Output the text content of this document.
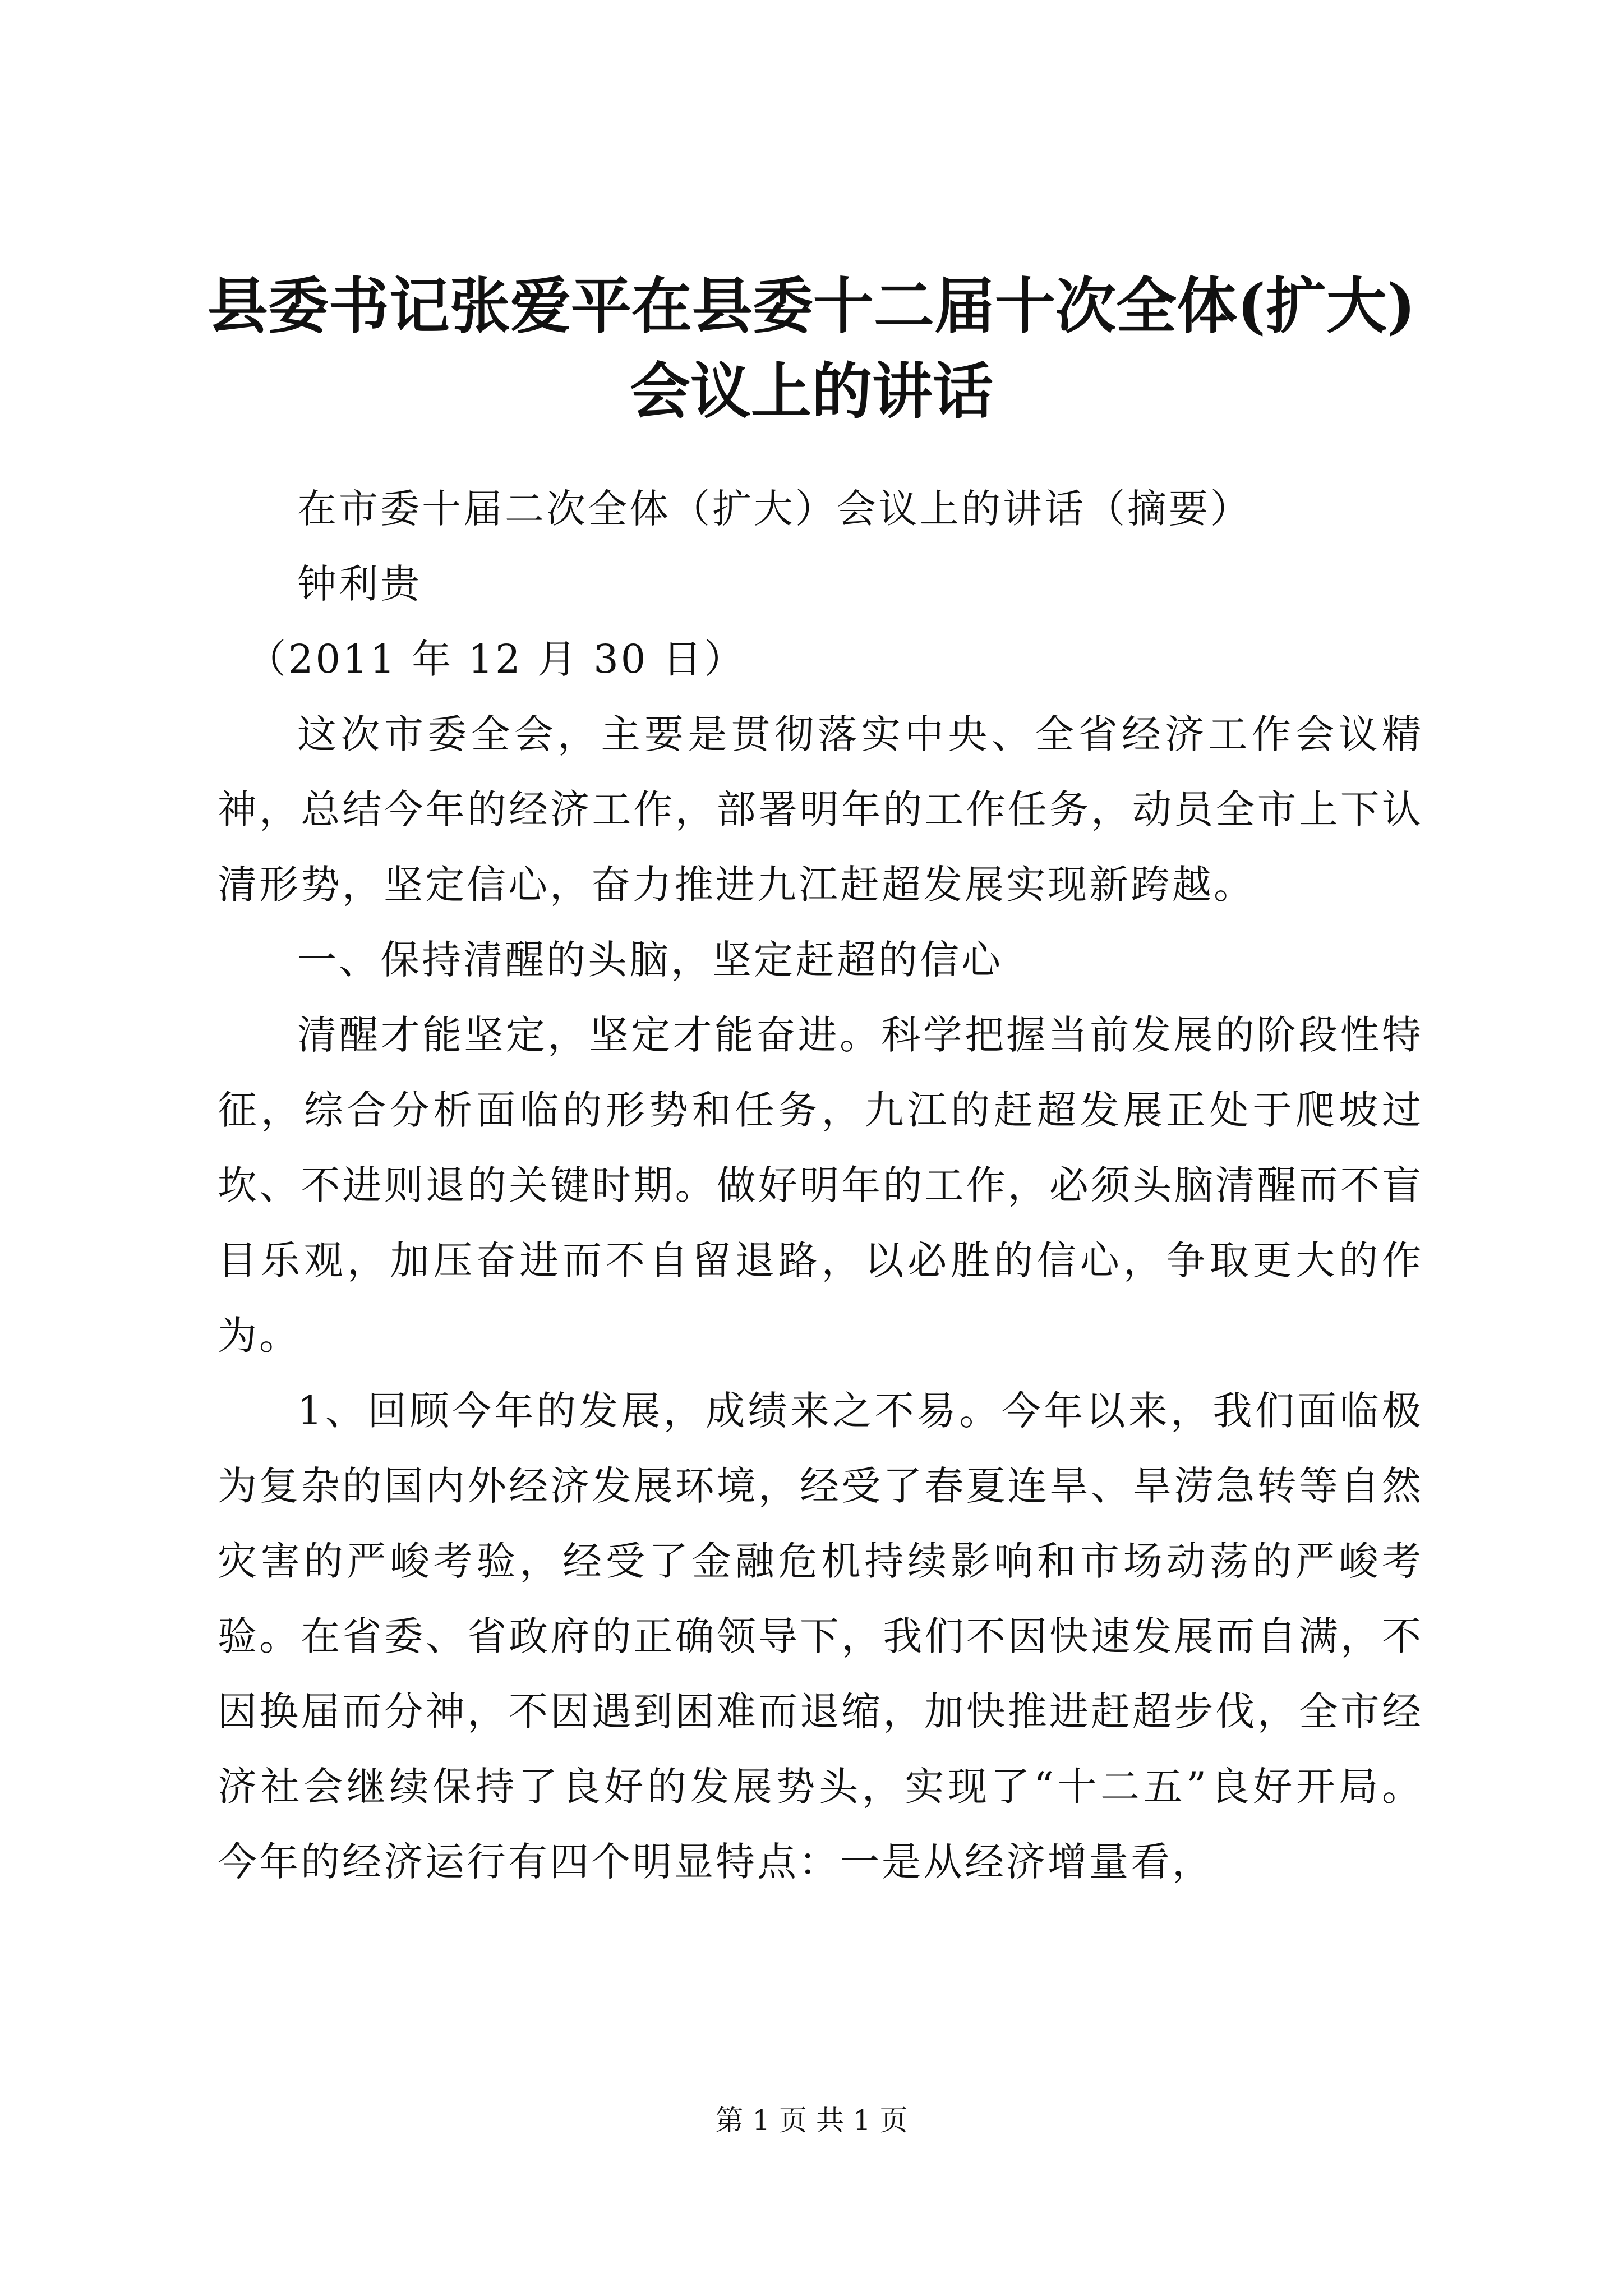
县委书记张爱平在县委十二届十次全体(扩大)
会议上的讲话

在市委十届二次全体（扩大）会议上的讲话（摘要）

钟利贵

（2011 年 12 月 30 日）

这次市委全会，主要是贯彻落实中央、全省经济工作会议精神，总结今年的经济工作，部署明年的工作任务，动员全市上下认清形势，坚定信心，奋力推进九江赶超发展实现新跨越。

一、保持清醒的头脑，坚定赶超的信心

清醒才能坚定，坚定才能奋进。科学把握当前发展的阶段性特征，综合分析面临的形势和任务，九江的赶超发展正处于爬坡过坎、不进则退的关键时期。做好明年的工作，必须头脑清醒而不盲目乐观，加压奋进而不自留退路，以必胜的信心，争取更大的作为。

1、回顾今年的发展，成绩来之不易。今年以来，我们面临极为复杂的国内外经济发展环境，经受了春夏连旱、旱涝急转等自然灾害的严峻考验，经受了金融危机持续影响和市场动荡的严峻考验。在省委、省政府的正确领导下，我们不因快速发展而自满，不因换届而分神，不因遇到困难而退缩，加快推进赶超步伐，全市经济社会继续保持了良好的发展势头，实现了“十二五”良好开局。今年的经济运行有四个明显特点：一是从经济增量看，

第 1 页 共 1 页
